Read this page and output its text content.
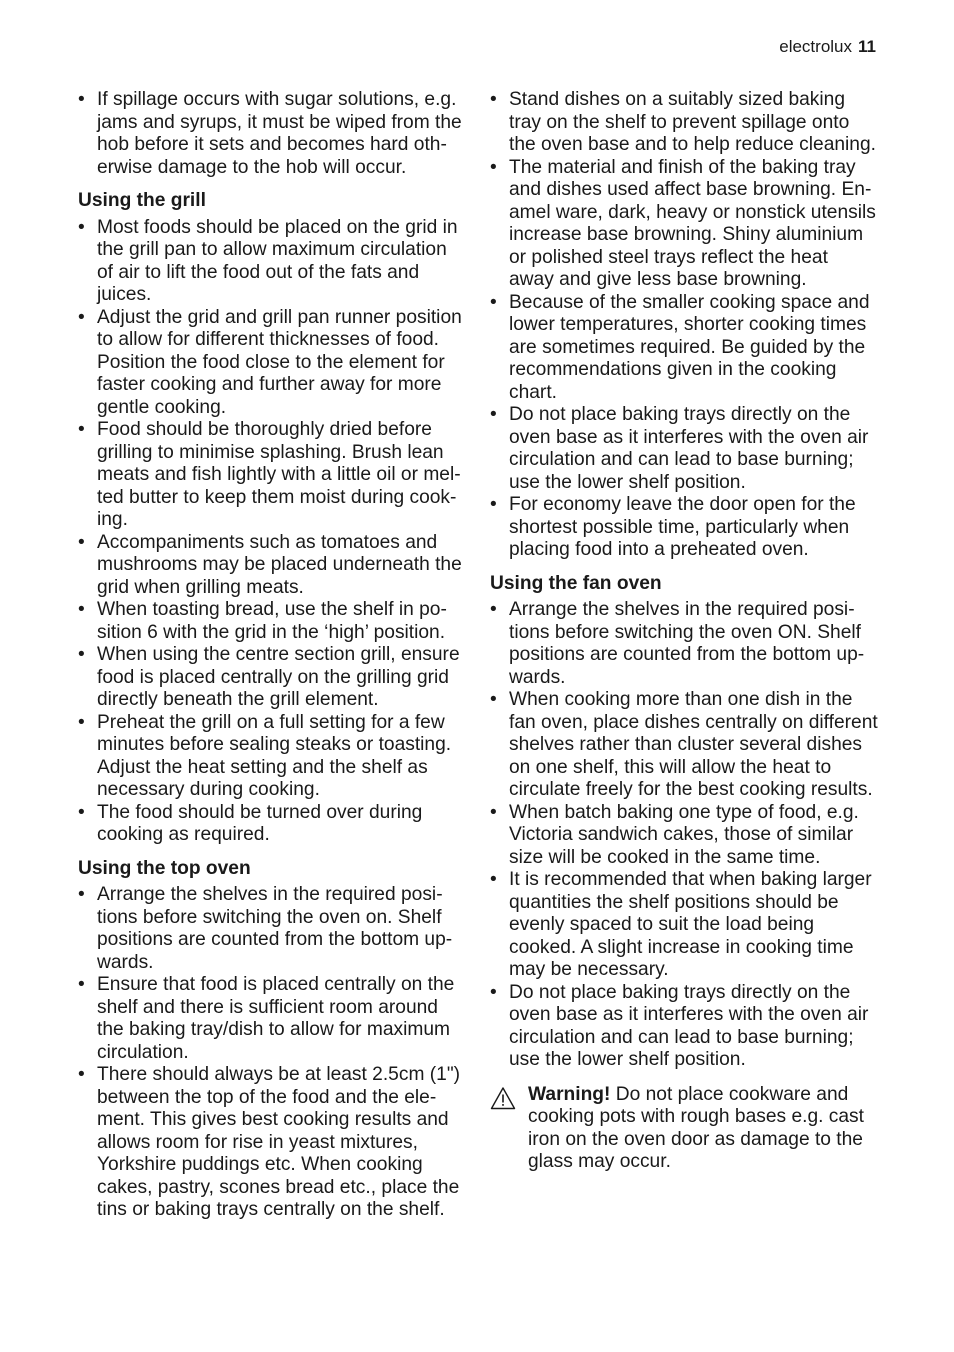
electrolux 11
• If spillage occurs with sugar solutions, e.g. jams and syrups, it must be wiped from the hob before it sets and becomes hard otherwise damage to the hob will occur.
Using the grill
• Most foods should be placed on the grid in the grill pan to allow maximum circulation of air to lift the food out of the fats and juices.
• Adjust the grid and grill pan runner position to allow for different thicknesses of food. Position the food close to the element for faster cooking and further away for more gentle cooking.
• Food should be thoroughly dried before grilling to minimise splashing. Brush lean meats and fish lightly with a little oil or melted butter to keep them moist during cooking.
• Accompaniments such as tomatoes and mushrooms may be placed underneath the grid when grilling meats.
• When toasting bread, use the shelf in position 6 with the grid in the ‘high’ position.
• When using the centre section grill, ensure food is placed centrally on the grilling grid directly beneath the grill element.
• Preheat the grill on a full setting for a few minutes before sealing steaks or toasting. Adjust the heat setting and the shelf as necessary during cooking.
• The food should be turned over during cooking as required.
Using the top oven
• Arrange the shelves in the required positions before switching the oven on. Shelf positions are counted from the bottom upwards.
• Ensure that food is placed centrally on the shelf and there is sufficient room around the baking tray/dish to allow for maximum circulation.
• There should always be at least 2.5cm (1") between the top of the food and the element. This gives best cooking results and allows room for rise in yeast mixtures, Yorkshire puddings etc. When cooking cakes, pastry, scones bread etc., place the tins or baking trays centrally on the shelf.
• Stand dishes on a suitably sized baking tray on the shelf to prevent spillage onto the oven base and to help reduce cleaning.
• The material and finish of the baking tray and dishes used affect base browning. Enamel ware, dark, heavy or nonstick utensils increase base browning. Shiny aluminium or polished steel trays reflect the heat away and give less base browning.
• Because of the smaller cooking space and lower temperatures, shorter cooking times are sometimes required. Be guided by the recommendations given in the cooking chart.
• Do not place baking trays directly on the oven base as it interferes with the oven air circulation and can lead to base burning; use the lower shelf position.
• For economy leave the door open for the shortest possible time, particularly when placing food into a preheated oven.
Using the fan oven
• Arrange the shelves in the required positions before switching the oven ON. Shelf positions are counted from the bottom upwards.
• When cooking more than one dish in the fan oven, place dishes centrally on different shelves rather than cluster several dishes on one shelf, this will allow the heat to circulate freely for the best cooking results.
• When batch baking one type of food, e.g. Victoria sandwich cakes, those of similar size will be cooked in the same time.
• It is recommended that when baking larger quantities the shelf positions should be evenly spaced to suit the load being cooked. A slight increase in cooking time may be necessary.
• Do not place baking trays directly on the oven base as it interferes with the oven air circulation and can lead to base burning; use the lower shelf position.
Warning! Do not place cookware and cooking pots with rough bases e.g. cast iron on the oven door as damage to the glass may occur.
